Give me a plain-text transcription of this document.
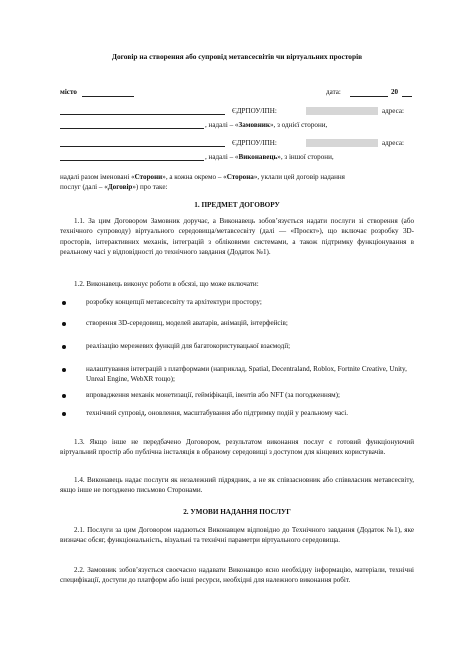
Договір на створення або супровід метавсесвітів чи віртуальних просторів
місто	дата:	20
ЄДРПОУ/ІПН:	адреса:
, надалі – «Замовник», з однієї сторони,
ЄДРПОУ/ІПН:	адреса:
, надалі – «Виконавець», з іншої сторони,
надалі разом іменовані «Сторони», а кожна окремо – «Сторона», уклали цей договір надання
послуг (далі – «Договір») про таке:
1. ПРЕДМЕТ ДОГОВОРУ
1.1. За цим Договором Замовник доручає, а Виконавець зобов’язується надати послуги зі створення (або технічного супроводу) віртуального середовища/метавсесвіту (далі — «Проєкт»), що включає розробку 3D-просторів, інтерактивних механік, інтеграцій з обліковими системами, а також підтримку функціонування в реальному часі у відповідності до технічного завдання (Додаток №1).
1.2. Виконавець виконує роботи в обсязі, що може включати:
розробку концепції метавсесвіту та архітектури простору;
створення 3D-середовищ, моделей аватарів, анімацій, інтерфейсів;
реалізацію мережевих функцій для багатокористувацької взаємодії;
налаштування інтеграцій з платформами (наприклад, Spatial, Decentraland, Roblox, Fortnite Creative, Unity, Unreal Engine, WebXR тощо);
впровадження механік монетизації, гейміфікації, івентів або NFT (за погодженням);
технічний супровід, оновлення, масштабування або підтримку подій у реальному часі.
1.3. Якщо інше не передбачено Договором, результатом виконання послуг є готовий функціонуючий віртуальний простір або публічна інсталяція в обраному середовищі з доступом для кінцевих користувачів.
1.4. Виконавець надає послуги як незалежний підрядник, а не як співзасновник або співвласник метавсесвіту, якщо інше не погоджено письмово Сторонами.
2. УМОВИ НАДАННЯ ПОСЛУГ
2.1. Послуги за цим Договором надаються Виконавцем відповідно до Технічного завдання (Додаток №1), яке визначає обсяг, функціональність, візуальні та технічні параметри віртуального середовища.
2.2. Замовник зобов’язується своєчасно надавати Виконавцю ясно необхідну інформацію, матеріали, технічні специфікації, доступи до платформ або інші ресурси, необхідні для належного виконання робіт.
